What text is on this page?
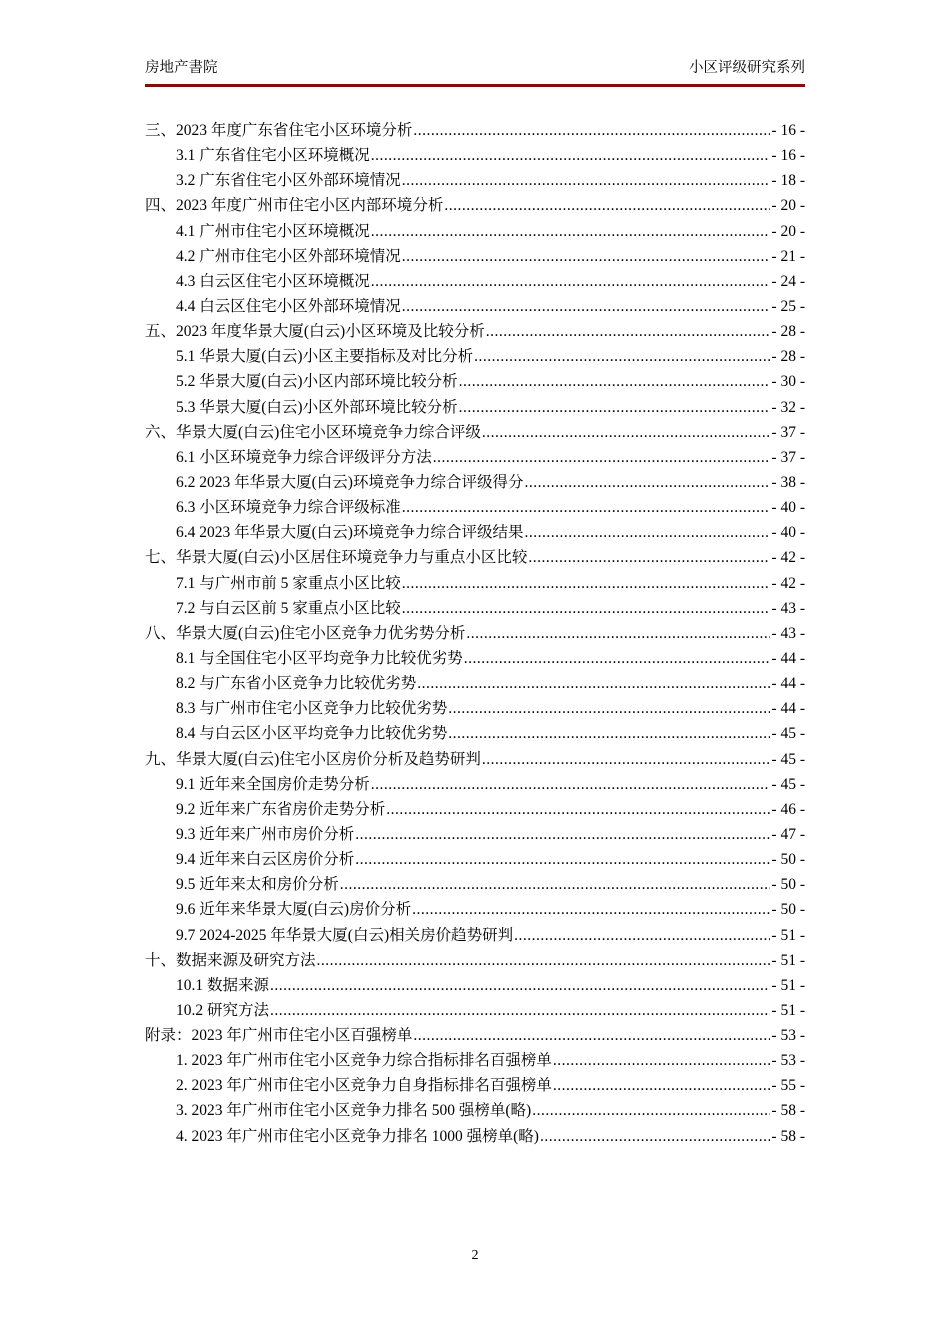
房地产書院	小区评级研究系列
三、2023 年度广东省住宅小区环境分析 .....	- 16 -
3.1 广东省住宅小区环境概况 .....	- 16 -
3.2 广东省住宅小区外部环境情况 .....	- 18 -
四、2023 年度广州市住宅小区内部环境分析 .....	- 20 -
4.1 广州市住宅小区环境概况 .....	- 20 -
4.2 广州市住宅小区外部环境情况 .....	- 21 -
4.3 白云区住宅小区环境概况 .....	- 24 -
4.4 白云区住宅小区外部环境情况 .....	- 25 -
五、2023 年度华景大厦(白云)小区环境及比较分析 .....	- 28 -
5.1 华景大厦(白云)小区主要指标及对比分析 .....	- 28 -
5.2 华景大厦(白云)小区内部环境比较分析 .....	- 30 -
5.3 华景大厦(白云)小区外部环境比较分析 .....	- 32 -
六、华景大厦(白云)住宅小区环境竞争力综合评级 .....	- 37 -
6.1 小区环境竞争力综合评级评分方法 .....	- 37 -
6.2 2023 年华景大厦(白云)环境竞争力综合评级得分 .....	- 38 -
6.3 小区环境竞争力综合评级标准 .....	- 40 -
6.4 2023 年华景大厦(白云)环境竞争力综合评级结果 .....	- 40 -
七、华景大厦(白云)小区居住环境竞争力与重点小区比较 .....	- 42 -
7.1 与广州市前 5 家重点小区比较 .....	- 42 -
7.2 与白云区前 5 家重点小区比较 .....	- 43 -
八、华景大厦(白云)住宅小区竞争力优劣势分析 .....	- 43 -
8.1 与全国住宅小区平均竞争力比较优劣势 .....	- 44 -
8.2 与广东省小区竞争力比较优劣势 .....	- 44 -
8.3 与广州市住宅小区竞争力比较优劣势 .....	- 44 -
8.4 与白云区小区平均竞争力比较优劣势 .....	- 45 -
九、华景大厦(白云)住宅小区房价分析及趋势研判 .....	- 45 -
9.1 近年来全国房价走势分析 .....	- 45 -
9.2 近年来广东省房价走势分析 .....	- 46 -
9.3 近年来广州市房价分析 .....	- 47 -
9.4 近年来白云区房价分析 .....	- 50 -
9.5 近年来太和房价分析 .....	- 50 -
9.6 近年来华景大厦(白云)房价分析 .....	- 50 -
9.7 2024-2025 年华景大厦(白云)相关房价趋势研判 .....	- 51 -
十、数据来源及研究方法 .....	- 51 -
10.1 数据来源 .....	- 51 -
10.2 研究方法 .....	- 51 -
附录：2023 年广州市住宅小区百强榜单 .....	- 53 -
1. 2023 年广州市住宅小区竞争力综合指标排名百强榜单 .....	- 53 -
2. 2023 年广州市住宅小区竞争力自身指标排名百强榜单 .....	- 55 -
3. 2023 年广州市住宅小区竞争力排名 500 强榜单(略) .....	- 58 -
4. 2023 年广州市住宅小区竞争力排名 1000 强榜单(略) .....	- 58 -
2
